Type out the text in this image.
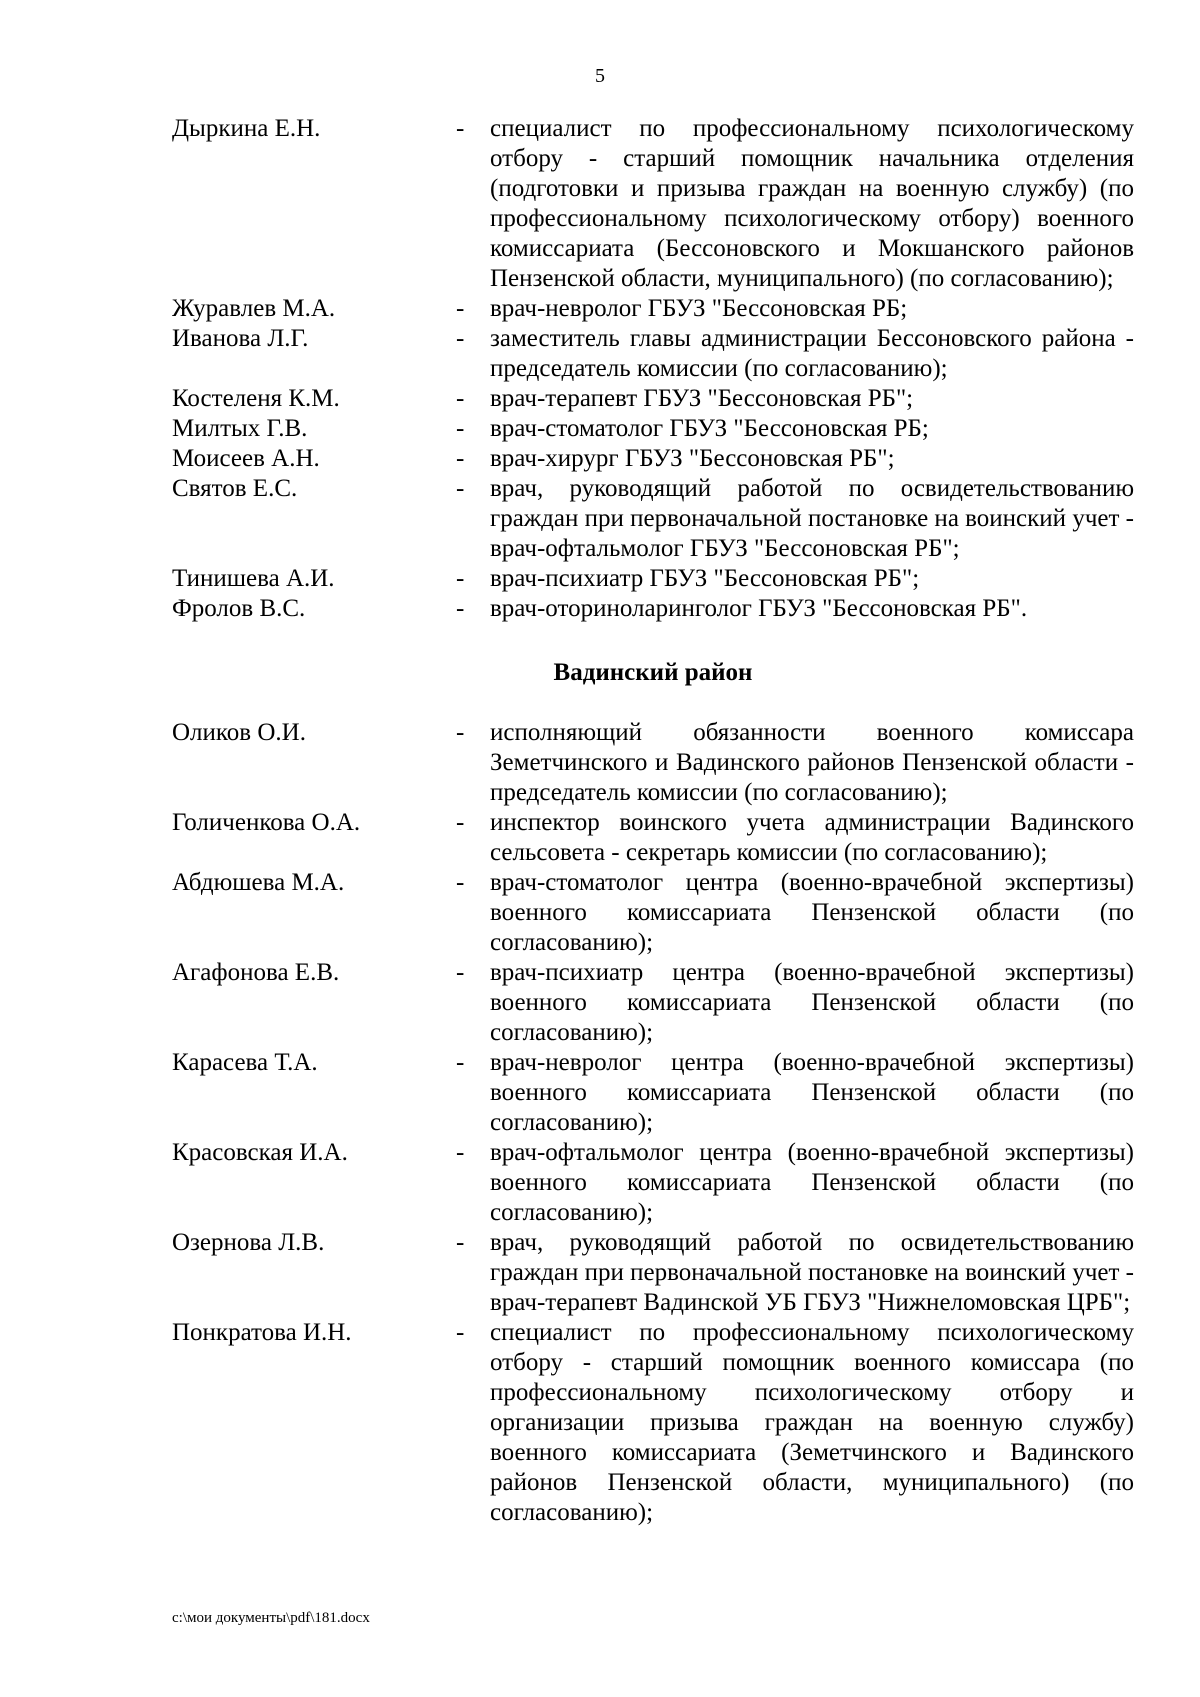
5
Дыркина Е.Н.	-	специалист по профессиональному психологическому отбору - старший помощник начальника отделения (подготовки и призыва граждан на военную службу) (по профессиональному психологическому отбору) военного комиссариата (Бессоновского и Мокшанского районов Пензенской области, муниципального) (по согласованию);
Журавлев М.А.	-	врач-невролог ГБУЗ "Бессоновская РБ;
Иванова Л.Г.	-	заместитель главы администрации Бессоновского района - председатель комиссии (по согласованию);
Костеленя К.М.	-	врач-терапевт ГБУЗ "Бессоновская РБ";
Милтых Г.В.	-	врач-стоматолог ГБУЗ "Бессоновская РБ;
Моисеев А.Н.	-	врач-хирург ГБУЗ "Бессоновская РБ";
Святов Е.С.	-	врач, руководящий работой по освидетельствованию граждан при первоначальной постановке на воинский учет - врач-офтальмолог ГБУЗ "Бессоновская РБ";
Тинишева А.И.	-	врач-психиатр ГБУЗ "Бессоновская РБ";
Фролов В.С.	-	врач-оториноларинголог ГБУЗ "Бессоновская РБ".
Вадинский район
Оликов О.И.	-	исполняющий обязанности военного комиссара Земетчинского и Вадинского районов Пензенской области - председатель комиссии (по согласованию);
Голиченкова О.А.	-	инспектор воинского учета администрации Вадинского сельсовета - секретарь комиссии (по согласованию);
Абдюшева М.А.	-	врач-стоматолог центра (военно-врачебной экспертизы) военного комиссариата Пензенской области (по согласованию);
Агафонова Е.В.	-	врач-психиатр центра (военно-врачебной экспертизы) военного комиссариата Пензенской области (по согласованию);
Карасева Т.А.	-	врач-невролог центра (военно-врачебной экспертизы) военного комиссариата Пензенской области (по согласованию);
Красовская И.А.	-	врач-офтальмолог центра (военно-врачебной экспертизы) военного комиссариата Пензенской области (по согласованию);
Озернова Л.В.	-	врач, руководящий работой по освидетельствованию граждан при первоначальной постановке на воинский учет - врач-терапевт Вадинской УБ ГБУЗ "Нижнеломовская ЦРБ";
Понкратова И.Н.	-	специалист по профессиональному психологическому отбору - старший помощник военного комиссара (по профессиональному психологическому отбору и организации призыва граждан на военную службу) военного комиссариата (Земетчинского и Вадинского районов Пензенской области, муниципального) (по согласованию);
c:\мои документы\pdf\181.docx
